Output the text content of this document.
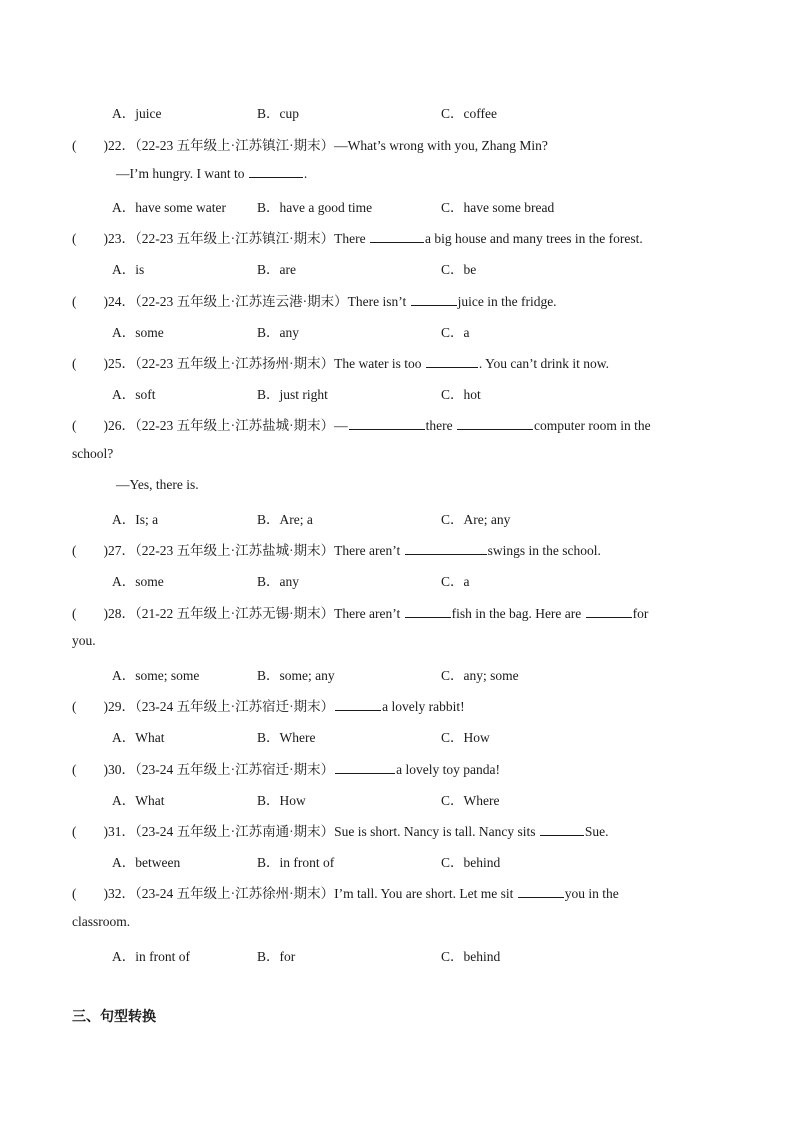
A．juice	B．cup	C．coffee
(　　)22．（22-23 五年级上·江苏镇江·期末）—What’s wrong with you, Zhang Min?
—I’m hungry. I want to	.
A．have some water B．have a good time	C．have some bread
(　　)23．（22-23 五年级上·江苏镇江·期末）There	a big house and many trees in the forest.
A．is	B．are	C．be
(　　)24．（22-23 五年级上·江苏连云港·期末）There isn’t	juice in the fridge.
A．some	B．any	C．a
(　　)25．（22-23 五年级上·江苏扬州·期末）The water is too	. You can’t drink it now.
A．soft	B．just right	C．hot
(　　)26．（22-23 五年级上·江苏盐城·期末）—	there	computer room in the
school?
—Yes, there is.
A．Is; a	B．Are; a	C．Are; any
(　　)27．（22-23 五年级上·江苏盐城·期末）There aren’t	swings in the school.
A．some	B．any	C．a
(　　)28．（21-22 五年级上·江苏无锡·期末）There aren’t	fish in the bag. Here are	for
you.
A．some; some	B．some; any	C．any; some
(　　)29．（23-24 五年级上·江苏宿迁·期末）	a lovely rabbit!
A．What	B．Where	C．How
(　　)30．（23-24 五年级上·江苏宿迁·期末）	a lovely toy panda!
A．What	B．How	C．Where
(　　)31．（23-24 五年级上·江苏南通·期末）Sue is short. Nancy is tall. Nancy sits	Sue.
A．between	B．in front of	C．behind
(　　)32．（23-24 五年级上·江苏徐州·期末）I’m tall. You are short. Let me sit	you in the
classroom.
A．in front of	B．for	C．behind
三、句型转换
